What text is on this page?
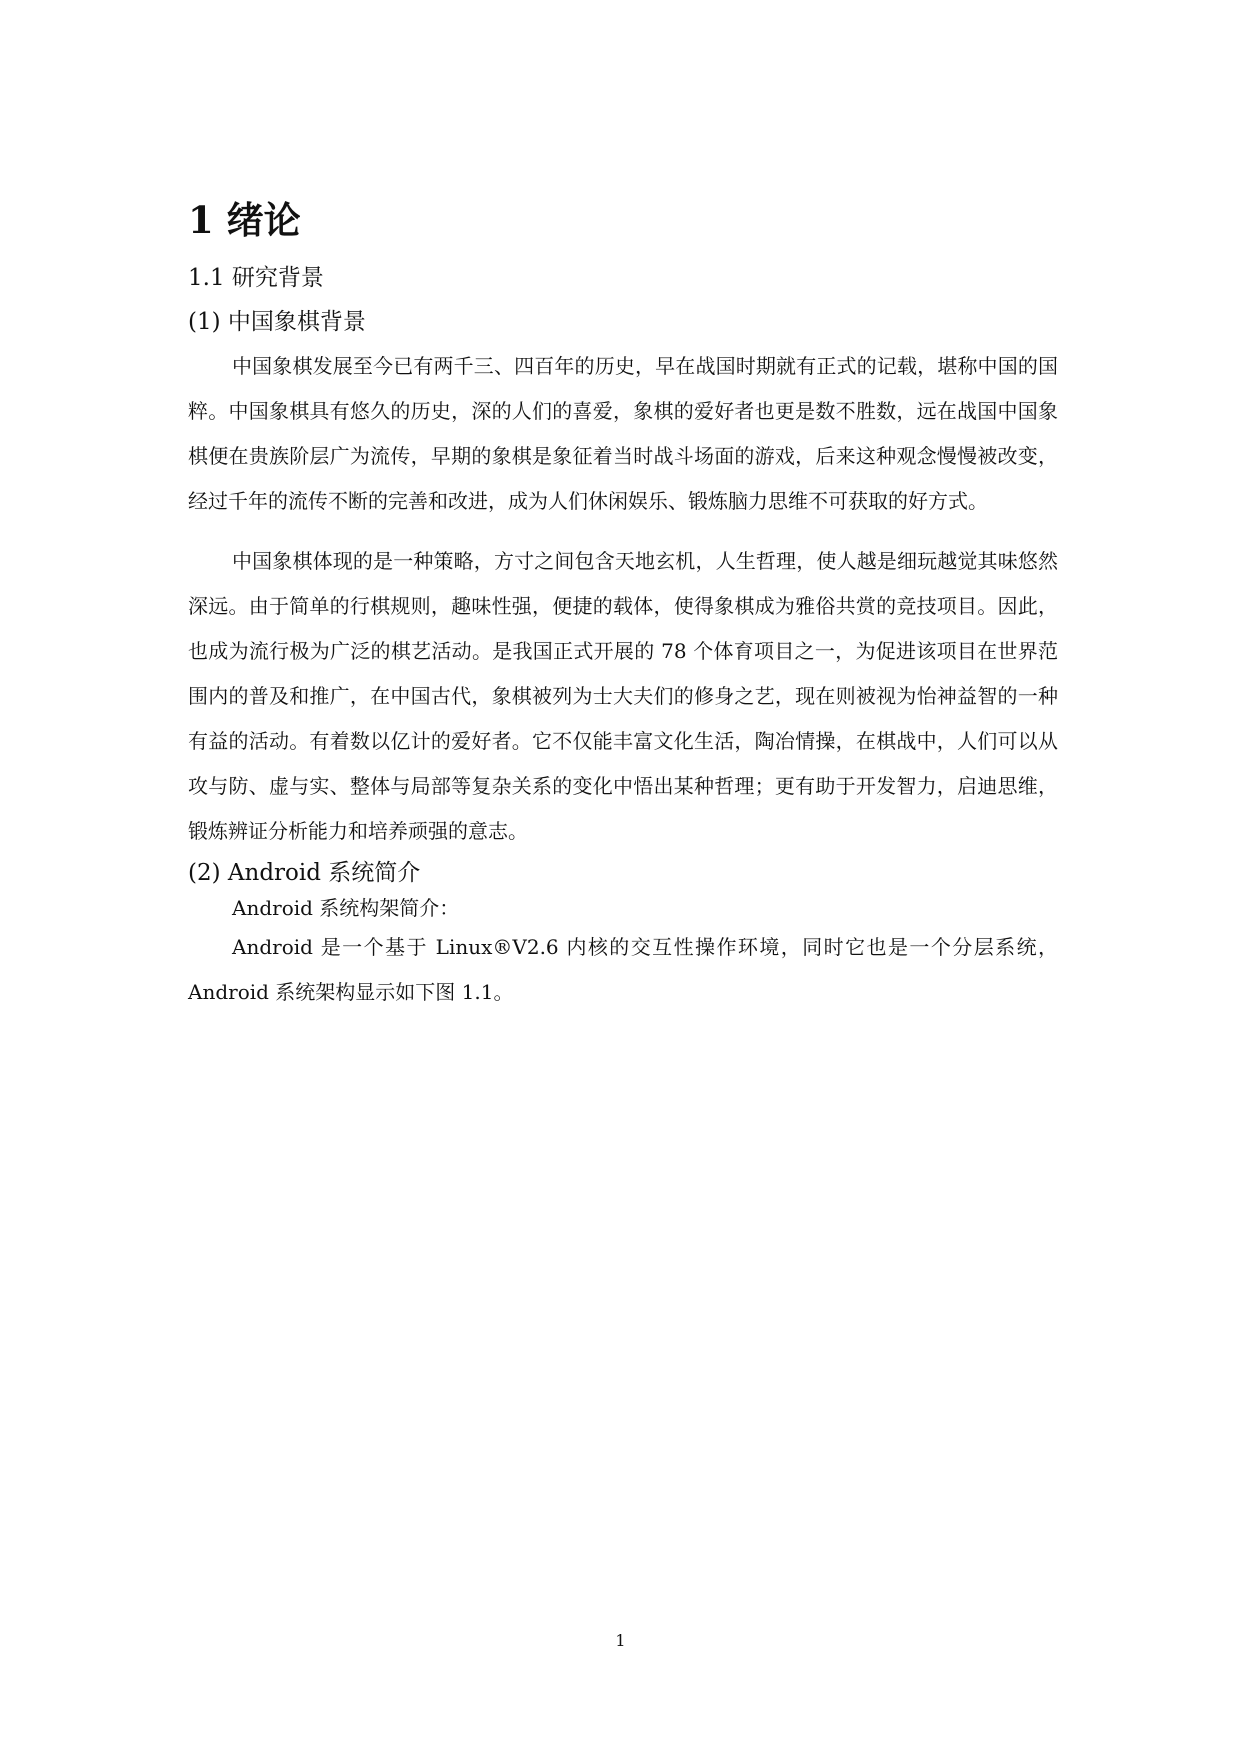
1 绪论
1.1 研究背景
(1) 中国象棋背景

中国象棋发展至今已有两千三、四百年的历史，早在战国时期就有正式的记载，堪称中国的国粹。中国象棋具有悠久的历史，深的人们的喜爱，象棋的爱好者也更是数不胜数，远在战国中国象棋便在贵族阶层广为流传，早期的象棋是象征着当时战斗场面的游戏，后来这种观念慢慢被改变，经过千年的流传不断的完善和改进，成为人们休闲娱乐、锻炼脑力思维不可获取的好方式。

中国象棋体现的是一种策略，方寸之间包含天地玄机，人生哲理，使人越是细玩越觉其味悠然深远。由于简单的行棋规则，趣味性强，便捷的载体，使得象棋成为雅俗共赏的竞技项目。因此，也成为流行极为广泛的棋艺活动。是我国正式开展的 78 个体育项目之一，为促进该项目在世界范围内的普及和推广，在中国古代，象棋被列为士大夫们的修身之艺，现在则被视为怡神益智的一种有益的活动。有着数以亿计的爱好者。它不仅能丰富文化生活，陶冶情操，在棋战中，人们可以从攻与防、虚与实、整体与局部等复杂关系的变化中悟出某种哲理；更有助于开发智力，启迪思维，锻炼辨证分析能力和培养顽强的意志。

(2) Android 系统简介

Android 系统构架简介：

Android 是一个基于 Linux®V2.6 内核的交互性操作环境，同时它也是一个分层系统，Android 系统架构显示如下图 1.1。

1
